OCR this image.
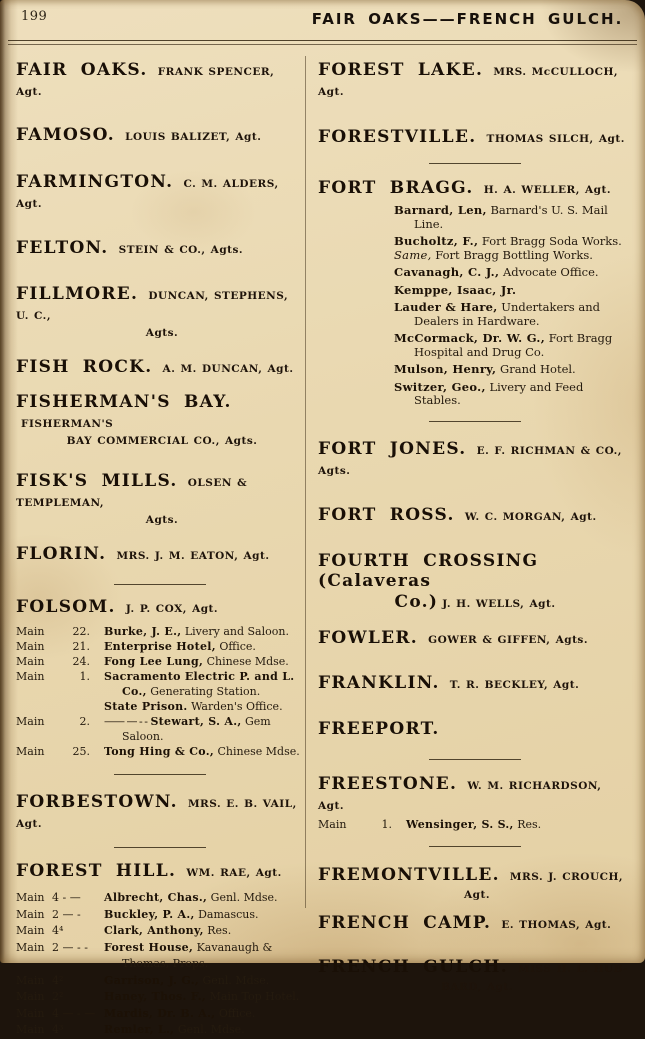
199	FAIR OAKS——FRENCH GULCH.
FAIR OAKS. FRANK SPENCER, Agt.
FAMOSO. LOUIS BALIZET, Agt.
FARMINGTON. C. M. ALDERS, Agt.
FELTON. STEIN & CO., Agts.
FILLMORE. DUNCAN, STEPHENS, U. C.,
Agts.
FISH ROCK. A. M. DUNCAN, Agt.
FISHERMAN'S BAY. FISHERMAN'S
BAY COMMERCIAL CO., Agts.
FISK'S MILLS. OLSEN & TEMPLEMAN,
Agts.
FLORIN. MRS. J. M. EATON, Agt.
FOLSOM. J. P. COX, Agt.
Main	22.	Burke, J. E., Livery and Saloon.
Main	21.	Enterprise Hotel, Office.
Main	24.	Fong Lee Lung, Chinese Mdse.
Main	1.	Sacramento Electric P. and L. Co., Generating Station.
State Prison. Warden's Office.
Main	2.	—— — - - Stewart, S. A., Gem Saloon.
Main	25.	Tong Hing & Co., Chinese Mdse.
FORBESTOWN. MRS. E. B. VAIL, Agt.
FOREST HILL. WM. RAE, Agt.
Main 4 - —	Albrecht, Chas., Genl. Mdse.
Main 2 — -	Buckley, P. A., Damascus.
Main 4⁴	Clark, Anthony, Res.
Main 2 — - -	Forest House, Kavanaugh & Thomas, Props.
Main 4²	Garrison, J. G., Genl. Mdse.
Main 2²	Haney, Thos. F., Main Top Hotel.
Main 4 — - — Mardis, Dr. B. A., Office.
Main 4³	Remler, L., Genl. Mdse.
FOREST LAKE. MRS. McCULLOCH, Agt.
FORESTVILLE. THOMAS SILCH, Agt.
FORT BRAGG. H. A. WELLER, Agt.
Barnard, Len, Barnard's U. S. Mail Line.
Bucholtz, F., Fort Bragg Soda Works.
Same, Fort Bragg Bottling Works.
Cavanagh, C. J., Advocate Office.
Kemppe, Isaac, Jr.
Lauder & Hare, Undertakers and Dealers in Hardware.
McCormack, Dr. W. G., Fort Bragg Hospital and Drug Co.
Mulson, Henry, Grand Hotel.
Switzer, Geo., Livery and Feed Stables.
FORT JONES. E. F. RICHMAN & CO., Agts.
FORT ROSS. W. C. MORGAN, Agt.
FOURTH CROSSING (Calaveras
Co.) J. H. WELLS, Agt.
FOWLER. GOWER & GIFFEN, Agts.
FRANKLIN. T. R. BECKLEY, Agt.
FREEPORT.
FREESTONE. W. M. RICHARDSON, Agt.
Main	1.	Wensinger, S. S., Res.
FREMONTVILLE. MRS. J. CROUCH,
Agt.
FRENCH CAMP. E. THOMAS, Agt.
FRENCH GULCH. MISS H. L. HUB-
BARD, Agt.
